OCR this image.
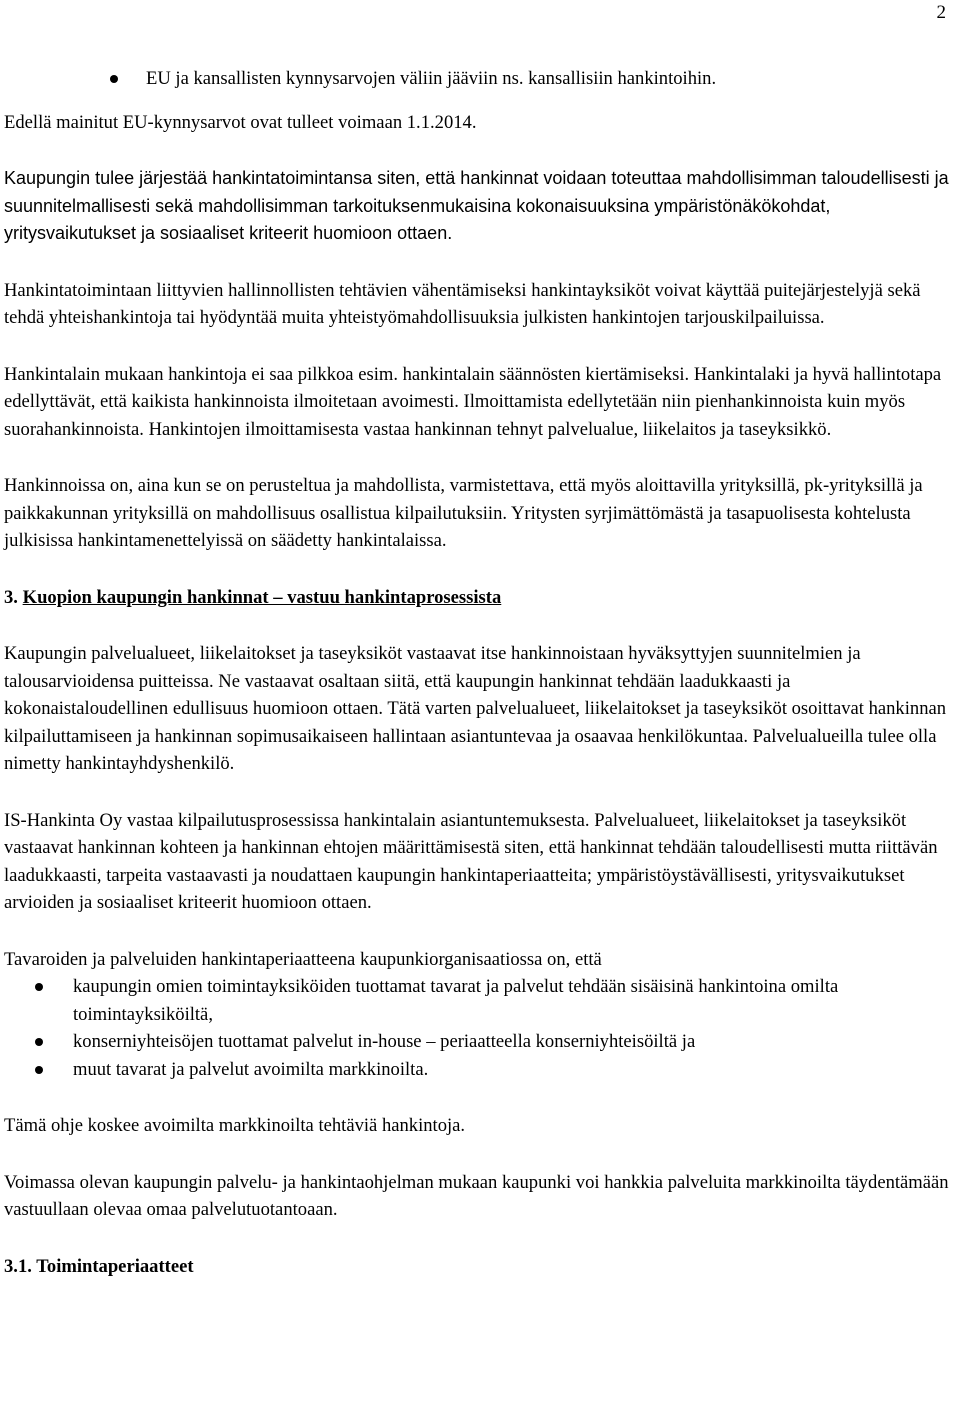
2

EU ja kansallisten kynnysarvojen väliin jääviin ns. kansallisiin hankintoihin.

Edellä mainitut EU-kynnysarvot ovat tulleet voimaan 1.1.2014.

Kaupungin tulee järjestää hankintatoimintansa siten, että hankinnat voidaan toteuttaa mahdollisimman taloudellisesti ja suunnitelmallisesti sekä mahdollisimman tarkoituksenmukaisina kokonaisuuksina ympäristönäkökohdat, yritysvaikutukset ja sosiaaliset kriteerit huomioon ottaen.

Hankintatoimintaan liittyvien hallinnollisten tehtävien vähentämiseksi hankintayksiköt voivat käyttää puitejärjestelyjä sekä tehdä yhteishankintoja tai hyödyntää muita yhteistyömahdollisuuksia julkisten hankintojen tarjouskilpailuissa.

Hankintalain mukaan hankintoja ei saa pilkkoa esim. hankintalain säännösten kiertämiseksi. Hankintalaki ja hyvä hallintotapa edellyttävät, että kaikista hankinnoista ilmoitetaan avoimesti. Ilmoittamista edellytetään niin pienhankinnoista kuin myös suorahankinnoista. Hankintojen ilmoittamisesta vastaa hankinnan tehnyt palvelualue, liikelaitos ja taseyksikkö.

Hankinnoissa on, aina kun se on perusteltua ja mahdollista, varmistettava, että myös aloittavilla yrityksillä, pk-yrityksillä ja paikkakunnan yrityksillä on mahdollisuus osallistua kilpailutuksiin. Yritysten syrjimättömästä ja tasapuolisesta kohtelusta julkisissa hankintamenettelyissä on säädetty hankintalaissa.

3. Kuopion kaupungin hankinnat – vastuu hankintaprosessista

Kaupungin palvelualueet, liikelaitokset ja taseyksiköt vastaavat itse hankinnoistaan hyväksyttyjen suunnitelmien ja talousarvioidensa puitteissa. Ne vastaavat osaltaan siitä, että kaupungin hankinnat tehdään laadukkaasti ja kokonaistaloudellinen edullisuus huomioon ottaen. Tätä varten palvelualueet, liikelaitokset ja taseyksiköt osoittavat hankinnan kilpailuttamiseen ja hankinnan sopimusaikaiseen hallintaan asiantuntevaa ja osaavaa henkilökuntaa. Palvelualueilla tulee olla nimetty hankintayhdyshenkilö.

IS-Hankinta Oy vastaa kilpailutusprosessissa hankintalain asiantuntemuksesta. Palvelualueet, liikelaitokset ja taseyksiköt vastaavat hankinnan kohteen ja hankinnan ehtojen määrittämisestä siten, että hankinnat tehdään taloudellisesti mutta riittävän laadukkaasti, tarpeita vastaavasti ja noudattaen kaupungin hankintaperiaatteita; ympäristöystävällisesti, yritysvaikutukset arvioiden ja sosiaaliset kriteerit huomioon ottaen.

Tavaroiden ja palveluiden hankintaperiaatteena kaupunkiorganisaatiossa on, että

kaupungin omien toimintayksiköiden tuottamat tavarat ja palvelut tehdään sisäisinä hankintoina omilta toimintayksiköiltä,

konserniyhteisöjen tuottamat palvelut in-house – periaatteella konserniyhteisöiltä ja

muut tavarat ja palvelut avoimilta markkinoilta.

Tämä ohje koskee avoimilta markkinoilta tehtäviä hankintoja.

Voimassa olevan kaupungin palvelu- ja hankintaohjelman mukaan kaupunki voi hankkia palveluita markkinoilta täydentämään vastuullaan olevaa omaa palvelutuotantoaan.

3.1. Toimintaperiaatteet
